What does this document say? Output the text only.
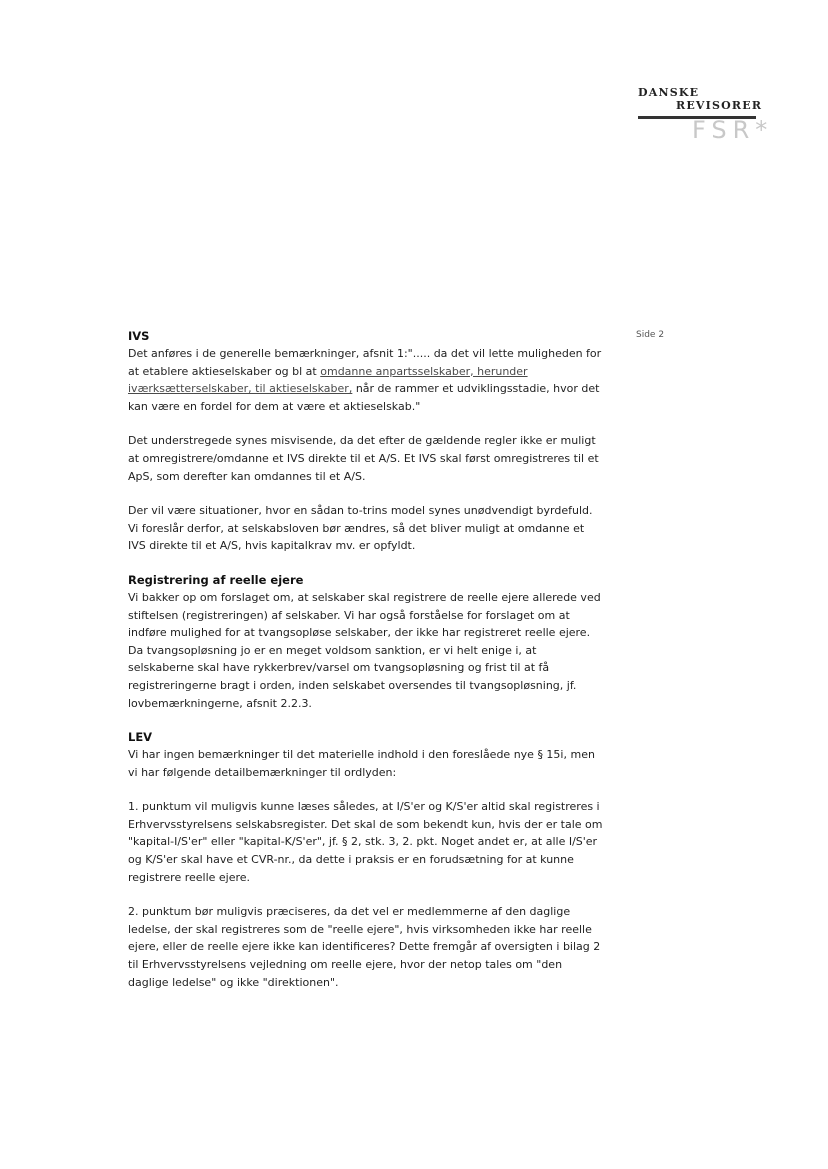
DANSKE
REVISORER
FSR*
Side 2
IVS

Det anføres i de generelle bemærkninger, afsnit 1:"..... da det vil lette muligheden for at etablere aktieselskaber og bl at omdanne anpartsselskaber, herunder iværksætterselskaber, til aktieselskaber, når de rammer et udviklingsstadie, hvor det kan være en fordel for dem at være et aktieselskab."

Det understregede synes misvisende, da det efter de gældende regler ikke er muligt at omregistrere/omdanne et IVS direkte til et A/S. Et IVS skal først omregistreres til et ApS, som derefter kan omdannes til et A/S.

Der vil være situationer, hvor en sådan to-trins model synes unødvendigt byrdefuld. Vi foreslår derfor, at selskabsloven bør ændres, så det bliver muligt at omdanne et IVS direkte til et A/S, hvis kapitalkrav mv. er opfyldt.

Registrering af reelle ejere

Vi bakker op om forslaget om, at selskaber skal registrere de reelle ejere allerede ved stiftelsen (registreringen) af selskaber. Vi har også forståelse for forslaget om at indføre mulighed for at tvangsopløse selskaber, der ikke har registreret reelle ejere. Da tvangsopløsning jo er en meget voldsom sanktion, er vi helt enige i, at selskaberne skal have rykkerbrev/varsel om tvangsopløsning og frist til at få registreringerne bragt i orden, inden selskabet oversendes til tvangsopløsning, jf. lovbemærkningerne, afsnit 2.2.3.

LEV

Vi har ingen bemærkninger til det materielle indhold i den foreslåede nye § 15i, men vi har følgende detailbemærkninger til ordlyden:

1. punktum vil muligvis kunne læses således, at I/S'er og K/S'er altid skal registreres i Erhvervsstyrelsens selskabsregister. Det skal de som bekendt kun, hvis der er tale om "kapital-I/S'er" eller "kapital-K/S'er", jf. § 2, stk. 3, 2. pkt. Noget andet er, at alle I/S'er og K/S'er skal have et CVR-nr., da dette i praksis er en forudsætning for at kunne registrere reelle ejere.

2. punktum bør muligvis præciseres, da det vel er medlemmerne af den daglige ledelse, der skal registreres som de "reelle ejere", hvis virksomheden ikke har reelle ejere, eller de reelle ejere ikke kan identificeres? Dette fremgår af oversigten i bilag 2 til Erhvervsstyrelsens vejledning om reelle ejere, hvor der netop tales om "den daglige ledelse" og ikke "direktionen".
